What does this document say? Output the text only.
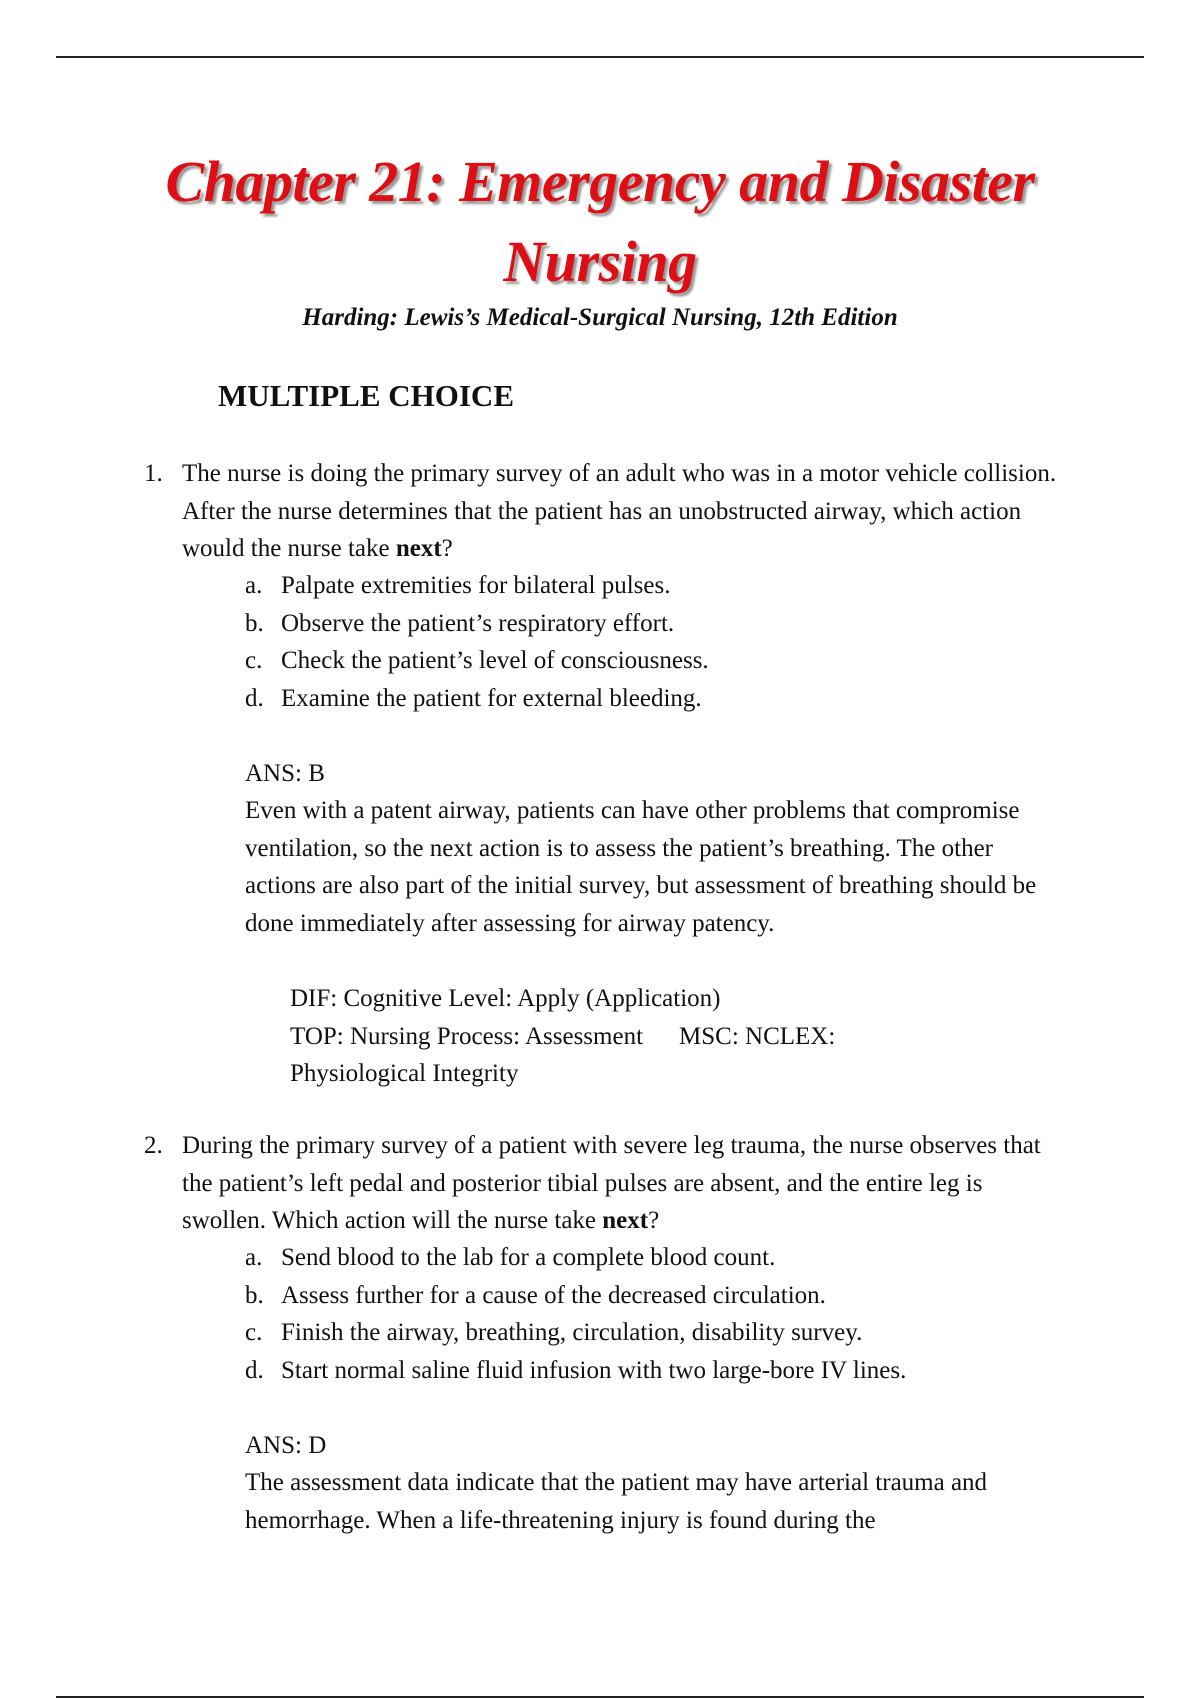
Chapter 21: Emergency and Disaster
Nursing
Harding: Lewis’s Medical-Surgical Nursing, 12th Edition
MULTIPLE CHOICE
1. The nurse is doing the primary survey of an adult who was in a motor vehicle collision. After the nurse determines that the patient has an unobstructed airway, which action would the nurse take next?
a. Palpate extremities for bilateral pulses.
b. Observe the patient’s respiratory effort.
c. Check the patient’s level of consciousness.
d. Examine the patient for external bleeding.
ANS: B
Even with a patent airway, patients can have other problems that compromise ventilation, so the next action is to assess the patient’s breathing. The other actions are also part of the initial survey, but assessment of breathing should be done immediately after assessing for airway patency.
DIF: Cognitive Level: Apply (Application)
TOP: Nursing Process: Assessment MSC: NCLEX:
Physiological Integrity
2. During the primary survey of a patient with severe leg trauma, the nurse observes that the patient’s left pedal and posterior tibial pulses are absent, and the entire leg is swollen. Which action will the nurse take next?
a. Send blood to the lab for a complete blood count.
b. Assess further for a cause of the decreased circulation.
c. Finish the airway, breathing, circulation, disability survey.
d. Start normal saline fluid infusion with two large-bore IV lines.
ANS: D
The assessment data indicate that the patient may have arterial trauma and hemorrhage. When a life-threatening injury is found during the
